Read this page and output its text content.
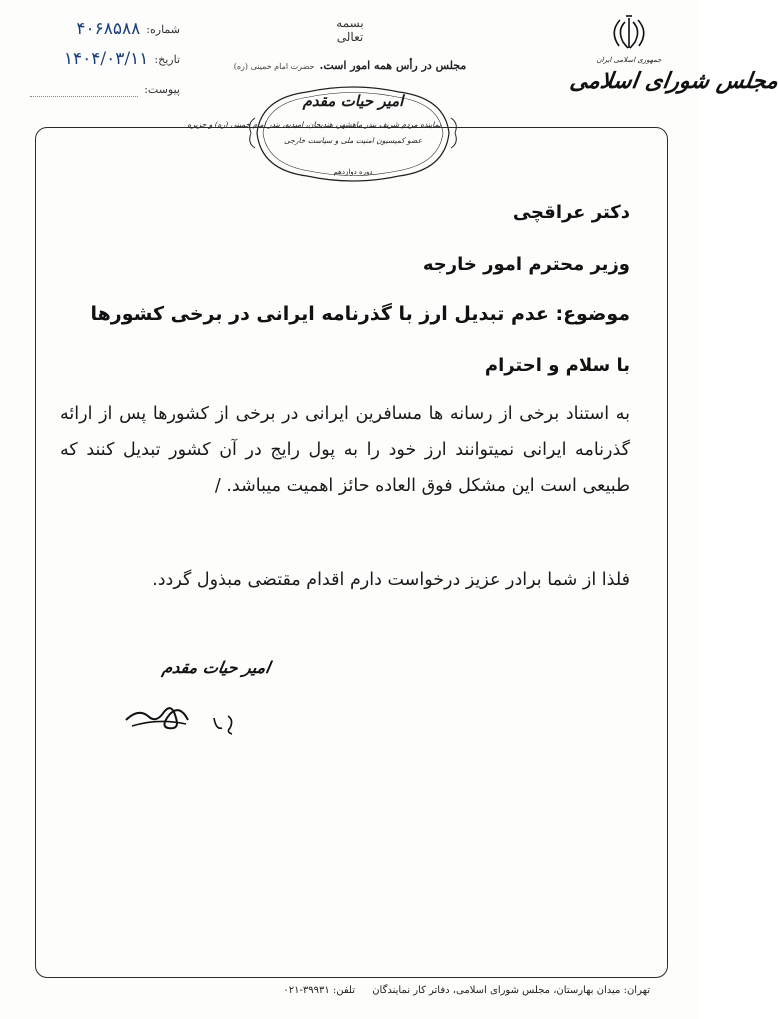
شماره:
۴۰۶۸۵۸۸
تاریخ:
۱۴۰۴/۰۳/۱۱
پیوست:
بسمه تعالی
مجلس در رأس همه امور است. حضرت امام خمینی (ره)
امیر حیات مقدم
نماینده مردم شریف بندر ماهشهر، هندیجان، امیدیه، بندر امام خمینی (ره) و جزیره
عضو کمیسیون امنیت ملی و سیاست خارجی
دوره دوازدهم
جمهوری اسلامی ایران
مجلس شورای اسلامی
دکتر عراقچی
وزیر محترم امور خارجه
موضوع: عدم تبدیل ارز با گذرنامه ایرانی در برخی کشورها
با سلام و احترام
به استناد برخی از رسانه ها مسافرین ایرانی در برخی از کشورها پس از ارائه گذرنامه ایرانی نمیتوانند ارز خود را به پول رایج در آن کشور تبدیل کنند که طبیعی است این مشکل فوق العاده حائز اهمیت میباشد. /
فلذا از شما برادر عزیز درخواست دارم اقدام مقتضی مبذول گردد.
امیر حیات مقدم
تهران: میدان بهارستان، مجلس شورای اسلامی، دفاتر کار نمایندگان تلفن: ۳۹۹۳۱-۰۲۱
